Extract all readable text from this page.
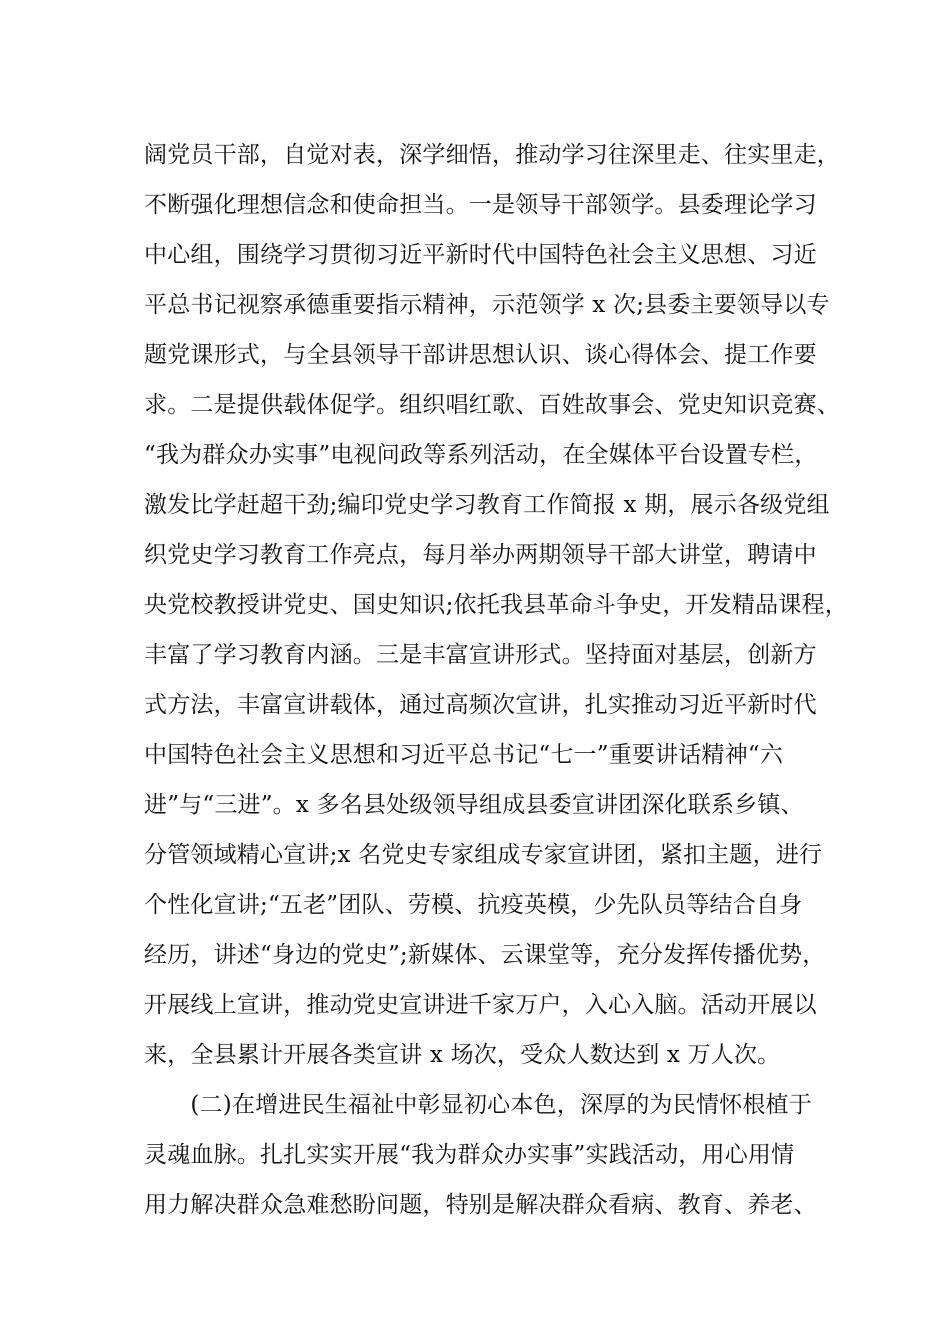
阔党员干部，自觉对表，深学细悟，推动学习往深里走、往实里走，
不断强化理想信念和使命担当。一是领导干部领学。县委理论学习
中心组，围绕学习贯彻习近平新时代中国特色社会主义思想、习近
平总书记视察承德重要指示精神，示范领学 x 次;县委主要领导以专
题党课形式，与全县领导干部讲思想认识、谈心得体会、提工作要
求。二是提供载体促学。组织唱红歌、百姓故事会、党史知识竞赛、
“我为群众办实事”电视问政等系列活动，在全媒体平台设置专栏，
激发比学赶超干劲;编印党史学习教育工作简报 x 期，展示各级党组
织党史学习教育工作亮点，每月举办两期领导干部大讲堂，聘请中
央党校教授讲党史、国史知识;依托我县革命斗争史，开发精品课程，
丰富了学习教育内涵。三是丰富宣讲形式。坚持面对基层，创新方
式方法，丰富宣讲载体，通过高频次宣讲，扎实推动习近平新时代
中国特色社会主义思想和习近平总书记“七一”重要讲话精神“六
进”与“三进”。x 多名县处级领导组成县委宣讲团深化联系乡镇、
分管领域精心宣讲;x 名党史专家组成专家宣讲团，紧扣主题，进行
个性化宣讲;“五老”团队、劳模、抗疫英模，少先队员等结合自身
经历，讲述“身边的党史”;新媒体、云课堂等，充分发挥传播优势，
开展线上宣讲，推动党史宣讲进千家万户，入心入脑。活动开展以
来，全县累计开展各类宣讲 x 场次，受众人数达到 x 万人次。
　　(二)在增进民生福祉中彰显初心本色，深厚的为民情怀根植于
灵魂血脉。扎扎实实开展“我为群众办实事”实践活动，用心用情
用力解决群众急难愁盼问题，特别是解决群众看病、教育、养老、
